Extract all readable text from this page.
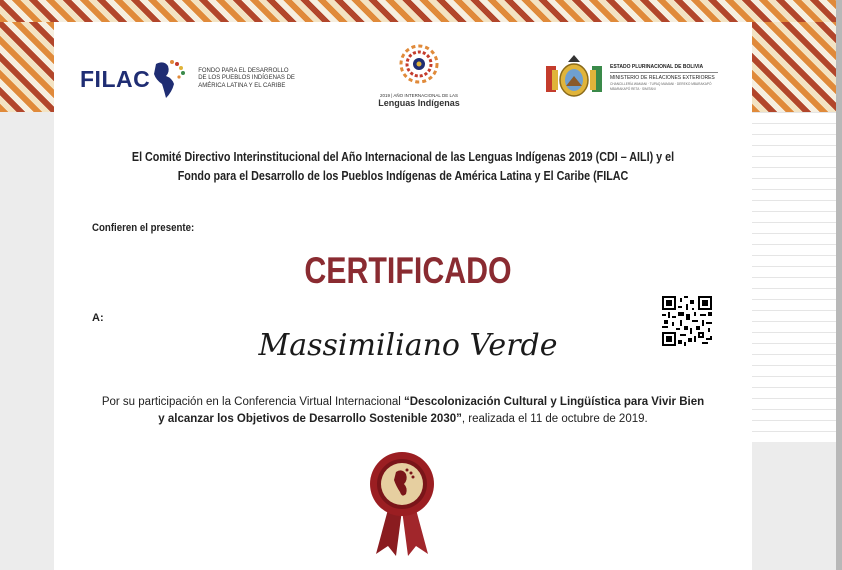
FILAC	FONDO PARA EL DESARROLLO DE LOS PUEBLOS INDÍGENAS DE AMÉRICA LATINA Y EL CARIBE
2019 | AÑO INTERNACIONAL DE LAS
Lenguas Indígenas
ESTADO PLURINACIONAL DE BOLIVIA
MINISTERIO DE RELACIONES EXTERIORES
CHANCILLERÍA WAMANI · TUPAQ MAMANI · DEREKO MBARAKAPÓ
MBARAKAPÓ RETA · SIMITANI
El Comité Directivo Interinstitucional del Año Internacional de las Lenguas Indígenas 2019 (CDI – AILI) y el
Fondo para el Desarrollo de los Pueblos Indígenas de América Latina y El Caribe (FILAC
Confieren el presente:
CERTIFICADO
A:
Massimiliano Verde
Por su participación en la Conferencia Virtual Internacional “Descolonización Cultural y Lingüística para Vivir Bien
y alcanzar los Objetivos de Desarrollo Sostenible 2030”, realizada el 11 de octubre de 2019.
